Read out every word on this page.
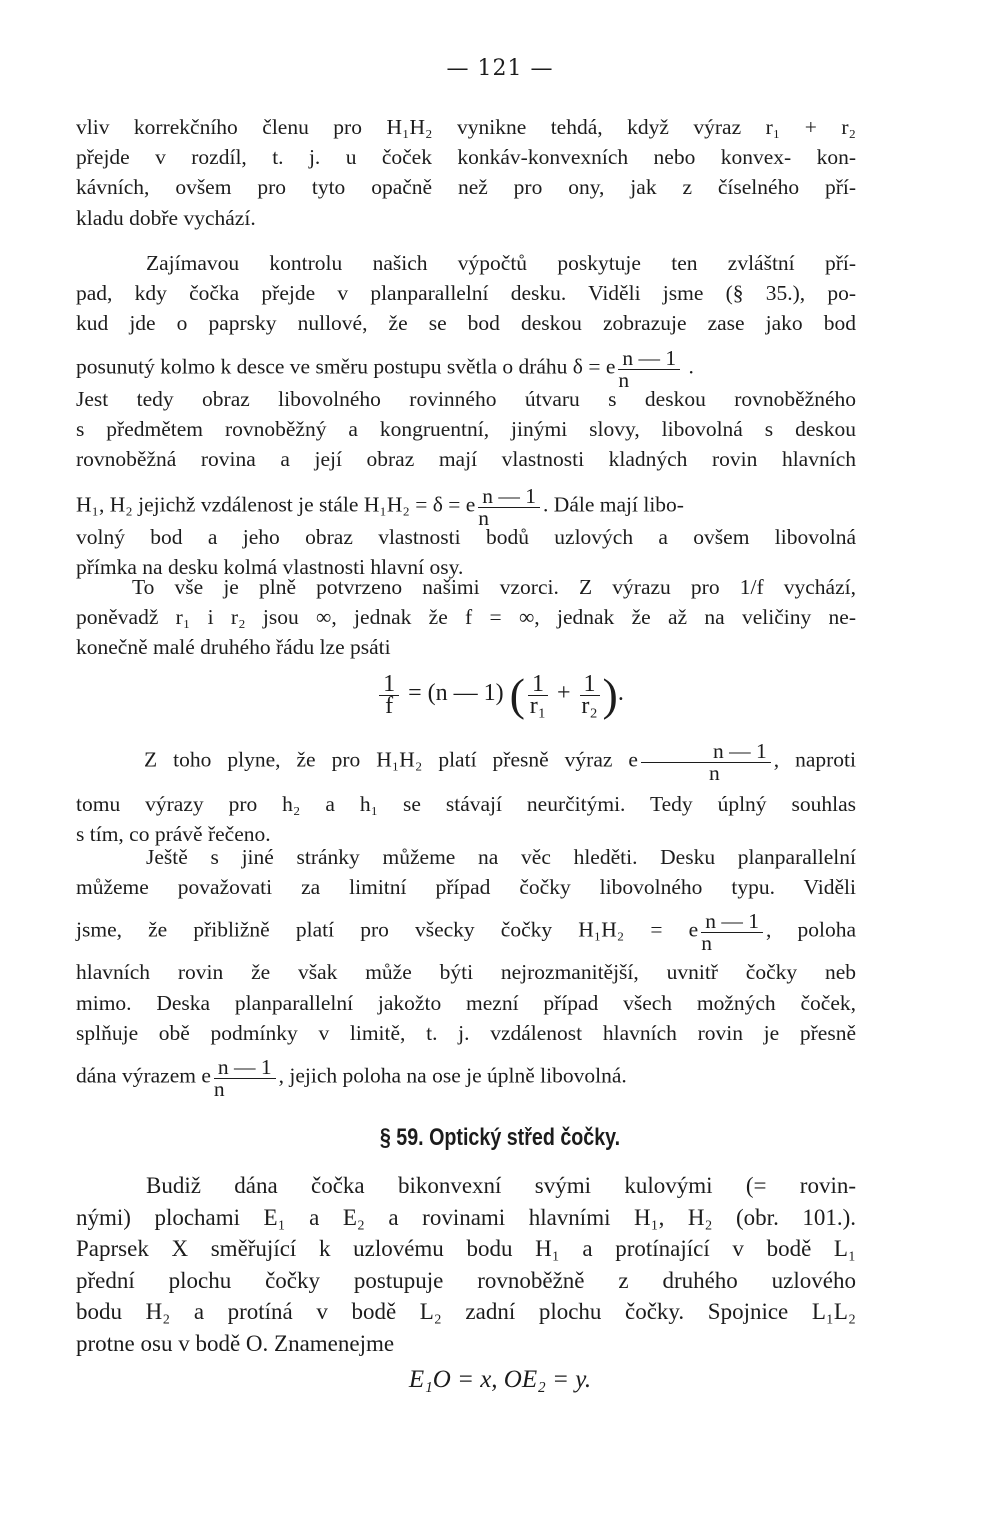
— 121 —
vliv korrekčního členu pro H₁H₂ vynikne tehdá, když výraz r₁ + r₂
přejde v rozdíl, t. j. u čoček konkáv-konvexních nebo konvex- kon-
kávních, ovšem pro tyto opačně než pro ony, jak z číselného pří-
kladu dobře vychází.
Zajímavou kontrolu našich výpočtů poskytuje ten zvláštní pří-
pad, kdy čočka přejde v planparallelní desku. Viděli jsme (§ 35.), po-
kud jde o paprsky nullové, že se bod deskou zobrazuje zase jako bod
posunutý kolmo k desce ve směru postupu světla o dráhu δ = e $\frac{n — 1}{n}$ .
Jest tedy obraz libovolného rovinného útvaru s deskou rovnoběžného
s předmětem rovnoběžný a kongruentní, jinými slovy, libovolná s deskou
rovnoběžná rovina a její obraz mají vlastnosti kladných rovin hlavních
H₁, H₂ jejichž vzdálenost je stále H₁H₂ = δ = e $\frac{n — 1}{n}$ . Dále mají libo-
volný bod a jeho obraz vlastnosti bodů uzlových a ovšem libovolná
přímka na desku kolmá vlastnosti hlavní osy.
To vše je plně potvrzeno našimi vzorci. Z výrazu pro 1/f vychází,
poněvadž r₁ i r₂ jsou ∞, jednak že f = ∞, jednak že až na veličiny ne-
konečně malé druhého řádu lze psáti
$\frac{1}{f} = (n$ — 1) ( $\frac{1}{\text{r₁}} + \frac{1}{\text{r₂}}$ ).
Z toho plyne, že pro H₁H₂ platí přesně výraz e $\frac{n — 1}{n}$ , naproti
tomu výrazy pro h₂ a h₁ se stávají neurčitými. Tedy úplný souhlas
s tím, co právě řečeno.
Ještě s jiné stránky můžeme na věc hleděti. Desku planparallelní
můžeme považovati za limitní případ čočky libovolného typu. Viděli
jsme, že přibližně platí pro všecky čočky H₁H₂ = e $\frac{n — 1}{n}$ , poloha
hlavních rovin že však může býti nejrozmanitější, uvnitř čočky neb
mimo. Deska planparallelní jakožto mezní případ všech možných čoček,
splňuje obě podmínky v limitě, t. j. vzdálenost hlavních rovin je přesně
dána výrazem e $\frac{n — 1}{n}$ , jejich poloha na ose je úplně libovolná.
§ 59. Optický střed čočky.
Budiž dána čočka bikonvexní svými kulovými (= rovin-
nými) plochami E₁ a E₂ a rovinami hlavními H₁, H₂ (obr. 101.).
Paprsek X směřující k uzlovému bodu H₁ a protínající v bodě L₁
přední plochu čočky postupuje rovnoběžně z druhého uzlového
bodu H₂ a protíná v bodě L₂ zadní plochu čočky. Spojnice L₁L₂
protne osu v bodě O. Znamenejme
E₁O = x, OE₂ = y.
